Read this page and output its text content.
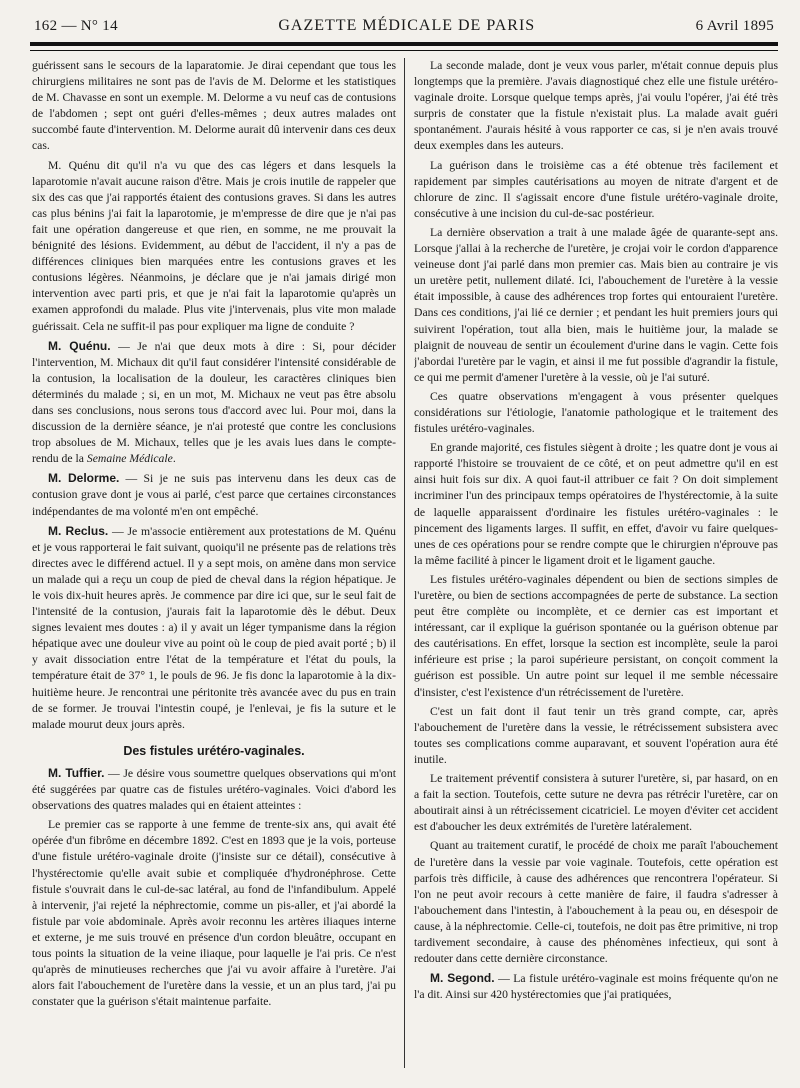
162 — N° 14	GAZETTE MÉDICALE DE PARIS	6 Avril 1895

guérissent sans le secours de la laparatomie. Je dirai cependant que tous les chirurgiens militaires ne sont pas de l'avis de M. Delorme et les statistiques de M. Chavasse en sont un exemple. M. Delorme a vu neuf cas de contusions de l'abdomen ; sept ont guéri d'elles-mêmes ; deux autres malades ont succombé faute d'intervention. M. Delorme aurait dû intervenir dans ces deux cas.

M. Quénu dit qu'il n'a vu que des cas légers et dans lesquels la laparotomie n'avait aucune raison d'être. Mais je crois inutile de rappeler que six des cas que j'ai rapportés étaient des contusions graves. Si dans les autres cas plus bénins j'ai fait la laparotomie, je m'empresse de dire que je n'ai pas fait une opération dangereuse et que rien, en somme, ne me prouvait la bénignité des lésions. Evidemment, au début de l'accident, il n'y a pas de différences cliniques bien marquées entre les contusions graves et les contusions légères. Néanmoins, je déclare que je n'ai jamais dirigé mon intervention avec parti pris, et que je n'ai fait la laparotomie qu'après un examen approfondi du malade. Plus vite j'intervenais, plus vite mon malade guérissait. Cela ne suffit-il pas pour expliquer ma ligne de conduite ?

M. Quénu. — Je n'ai que deux mots à dire : Si, pour décider l'intervention, M. Michaux dit qu'il faut considérer l'intensité considérable de la contusion, la localisation de la douleur, les caractères cliniques bien déterminés du malade ; si, en un mot, M. Michaux ne veut pas être absolu dans ses conclusions, nous serons tous d'accord avec lui. Pour moi, dans la discussion de la dernière séance, je n'ai protesté que contre les conclusions trop absolues de M. Michaux, telles que je les avais lues dans le compte-rendu de la Semaine Médicale.

M. Delorme. — Si je ne suis pas intervenu dans les deux cas de contusion grave dont je vous ai parlé, c'est parce que certaines circonstances indépendantes de ma volonté m'en ont empêché.

M. Reclus. — Je m'associe entièrement aux protestations de M. Quénu et je vous rapporterai le fait suivant, quoiqu'il ne présente pas de relations très directes avec le différend actuel. Il y a sept mois, on amène dans mon service un malade qui a reçu un coup de pied de cheval dans la région hépatique. Je le vois dix-huit heures après. Je commence par dire ici que, sur le seul fait de l'intensité de la contusion, j'aurais fait la laparotomie dès le début. Deux signes levaient mes doutes : a) il y avait un léger tympanisme dans la région hépatique avec une douleur vive au point où le coup de pied avait porté ; b) il y avait dissociation entre l'état de la température et l'état du pouls, la température était de 37° 1, le pouls de 96. Je fis donc la laparotomie à la dix-huitième heure. Je rencontrai une péritonite très avancée avec du pus en train de se former. Je trouvai l'intestin coupé, je l'enlevai, je fis la suture et le malade mourut deux jours après.

Des fistules urétéro-vaginales.

M. Tuffier. — Je désire vous soumettre quelques observations qui m'ont été suggérées par quatre cas de fistules urétéro-vaginales. Voici d'abord les observations des quatres malades qui en étaient atteintes :

Le premier cas se rapporte à une femme de trente-six ans, qui avait été opérée d'un fibrôme en décembre 1892. C'est en 1893 que je la vois, porteuse d'une fistule urétéro-vaginale droite (j'insiste sur ce détail), consécutive à l'hystérectomie qu'elle avait subie et compliquée d'hydronéphrose. Cette fistule s'ouvrait dans le cul-de-sac latéral, au fond de l'infandibulum. Appelé à intervenir, j'ai rejeté la néphrectomie, comme un pis-aller, et j'ai abordé la fistule par voie abdominale. Après avoir reconnu les artères iliaques interne et externe, je me suis trouvé en présence d'un cordon bleuâtre, occupant en tous points la situation de la veine iliaque, pour laquelle je l'ai pris. Ce n'est qu'après de minutieuses recherches que j'ai vu avoir affaire à l'uretère. J'ai alors fait l'abouchement de l'uretère dans la vessie, et un an plus tard, j'ai pu constater que la guérison s'était maintenue parfaite.

La seconde malade, dont je veux vous parler, m'était connue depuis plus longtemps que la première. J'avais diagnostiqué chez elle une fistule urétéro-vaginale droite. Lorsque quelque temps après, j'ai voulu l'opérer, j'ai été très surpris de constater que la fistule n'existait plus. La malade avait guéri spontanément. J'aurais hésité à vous rapporter ce cas, si je n'en avais trouvé deux exemples dans les auteurs.

La guérison dans le troisième cas a été obtenue très facilement et rapidement par simples cautérisations au moyen de nitrate d'argent et de chlorure de zinc. Il s'agissait encore d'une fistule urétéro-vaginale droite, consécutive à une incision du cul-de-sac postérieur.

La dernière observation a trait à une malade âgée de quarante-sept ans. Lorsque j'allai à la recherche de l'uretère, je crojai voir le cordon d'apparence veineuse dont j'ai parlé dans mon premier cas. Mais bien au contraire je vis un uretère petit, nullement dilaté. Ici, l'abouchement de l'uretère à la vessie était impossible, à cause des adhérences trop fortes qui entouraient l'uretère. Dans ces conditions, j'ai lié ce dernier ; et pendant les huit premiers jours qui suivirent l'opération, tout alla bien, mais le huitième jour, la malade se plaignit de nouveau de sentir un écoulement d'urine dans le vagin. Cette fois j'abordai l'uretère par le vagin, et ainsi il me fut possible d'agrandir la fistule, ce qui me permit d'amener l'uretère à la vessie, où je l'ai suturé.

Ces quatre observations m'engagent à vous présenter quelques considérations sur l'étiologie, l'anatomie pathologique et le traitement des fistules urétéro-vaginales.

En grande majorité, ces fistules siègent à droite ; les quatre dont je vous ai rapporté l'histoire se trouvaient de ce côté, et on peut admettre qu'il en est ainsi huit fois sur dix. A quoi faut-il attribuer ce fait ? On doit simplement incriminer l'un des principaux temps opératoires de l'hystérectomie, à la suite de laquelle apparaissent d'ordinaire les fistules urétéro-vaginales : le pincement des ligaments larges. Il suffit, en effet, d'avoir vu faire quelques-unes de ces opérations pour se rendre compte que le chirurgien n'éprouve pas la même facilité à pincer le ligament droit et le ligament gauche.

Les fistules urétéro-vaginales dépendent ou bien de sections simples de l'uretère, ou bien de sections accompagnées de perte de substance. La section peut être complète ou incomplète, et ce dernier cas est important et intéressant, car il explique la guérison spontanée ou la guérison obtenue par des cautérisations. En effet, lorsque la section est incomplète, seule la paroi inférieure est prise ; la paroi supérieure persistant, on conçoit comment la guérison est possible. Un autre point sur lequel il me semble nécessaire d'insister, c'est l'existence d'un rétrécissement de l'uretère.

C'est un fait dont il faut tenir un très grand compte, car, après l'abouchement de l'uretère dans la vessie, le rétrécissement subsistera avec toutes ses complications comme auparavant, et souvent l'opération aura été inutile.

Le traitement préventif consistera à suturer l'uretère, si, par hasard, on en a fait la section. Toutefois, cette suture ne devra pas rétrécir l'uretère, car on aboutirait ainsi à un rétrécissement cicatriciel. Le moyen d'éviter cet accident est d'aboucher les deux extrémités de l'uretère latéralement.

Quant au traitement curatif, le procédé de choix me paraît l'abouchement de l'uretère dans la vessie par voie vaginale. Toutefois, cette opération est parfois très difficile, à cause des adhérences que rencontrera l'opérateur. Si l'on ne peut avoir recours à cette manière de faire, il faudra s'adresser à l'abouchement dans l'intestin, à l'abouchement à la peau ou, en désespoir de cause, à la néphrectomie. Celle-ci, toutefois, ne doit pas être primitive, ni trop tardivement secondaire, à cause des phénomènes infectieux, qui sont à redouter dans cette dernière circonstance.

M. Segond. — La fistule urétéro-vaginale est moins fréquente qu'on ne l'a dit. Ainsi sur 420 hystérectomies que j'ai pratiquées,
